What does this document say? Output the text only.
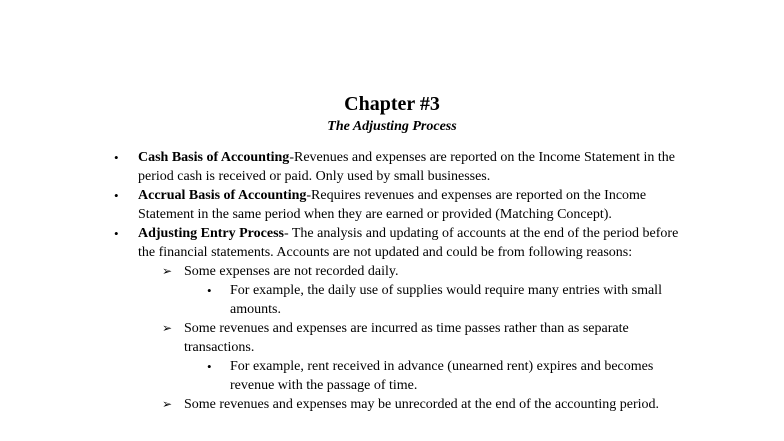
Chapter #3
The Adjusting Process
• Cash Basis of Accounting-Revenues and expenses are reported on the Income Statement in the period cash is received or paid. Only used by small businesses.
• Accrual Basis of Accounting-Requires revenues and expenses are reported on the Income Statement in the same period when they are earned or provided (Matching Concept).
• Adjusting Entry Process- The analysis and updating of accounts at the end of the period before the financial statements. Accounts are not updated and could be from following reasons:
➢ Some expenses are not recorded daily.
• For example, the daily use of supplies would require many entries with small amounts.
➢ Some revenues and expenses are incurred as time passes rather than as separate transactions.
• For example, rent received in advance (unearned rent) expires and becomes revenue with the passage of time.
➢ Some revenues and expenses may be unrecorded at the end of the accounting period.
